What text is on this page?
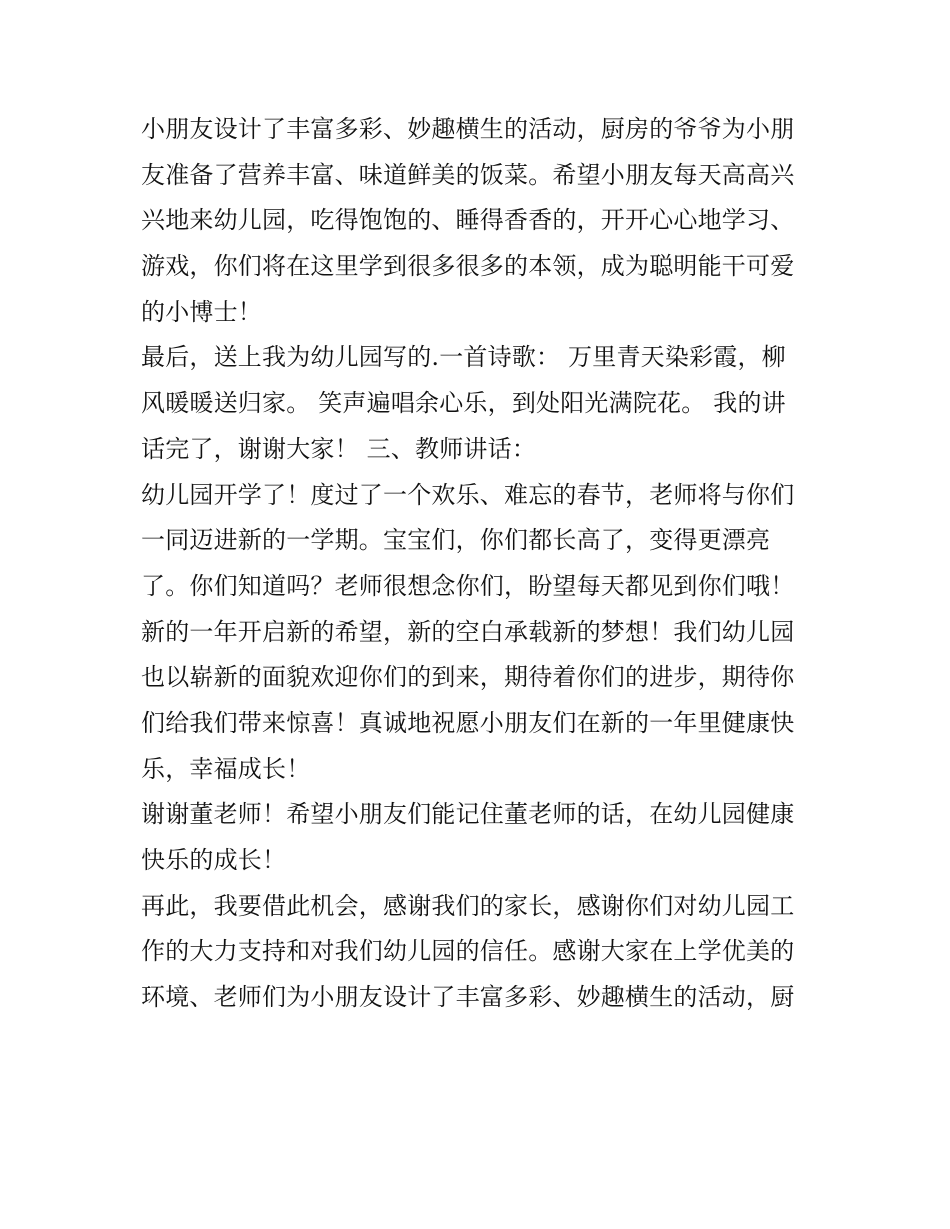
小朋友设计了丰富多彩、妙趣横生的活动，厨房的爷爷为小朋
友准备了营养丰富、味道鲜美的饭菜。希望小朋友每天高高兴
兴地来幼儿园，吃得饱饱的、睡得香香的，开开心心地学习、
游戏，你们将在这里学到很多很多的本领，成为聪明能干可爱
的小博士！
最后，送上我为幼儿园写的.一首诗歌： 万里青天染彩霞，柳
风暖暖送归家。 笑声遍唱余心乐，到处阳光满院花。 我的讲
话完了，谢谢大家！ 三、教师讲话：
幼儿园开学了！度过了一个欢乐、难忘的春节，老师将与你们
一同迈进新的一学期。宝宝们，你们都长高了，变得更漂亮
了。你们知道吗？老师很想念你们，盼望每天都见到你们哦！
新的一年开启新的希望，新的空白承载新的梦想！我们幼儿园
也以崭新的面貌欢迎你们的到来，期待着你们的进步，期待你
们给我们带来惊喜！真诚地祝愿小朋友们在新的一年里健康快
乐，幸福成长！
谢谢董老师！希望小朋友们能记住董老师的话，在幼儿园健康
快乐的成长！
再此，我要借此机会，感谢我们的家长，感谢你们对幼儿园工
作的大力支持和对我们幼儿园的信任。感谢大家在上学优美的
环境、老师们为小朋友设计了丰富多彩、妙趣横生的活动，厨
